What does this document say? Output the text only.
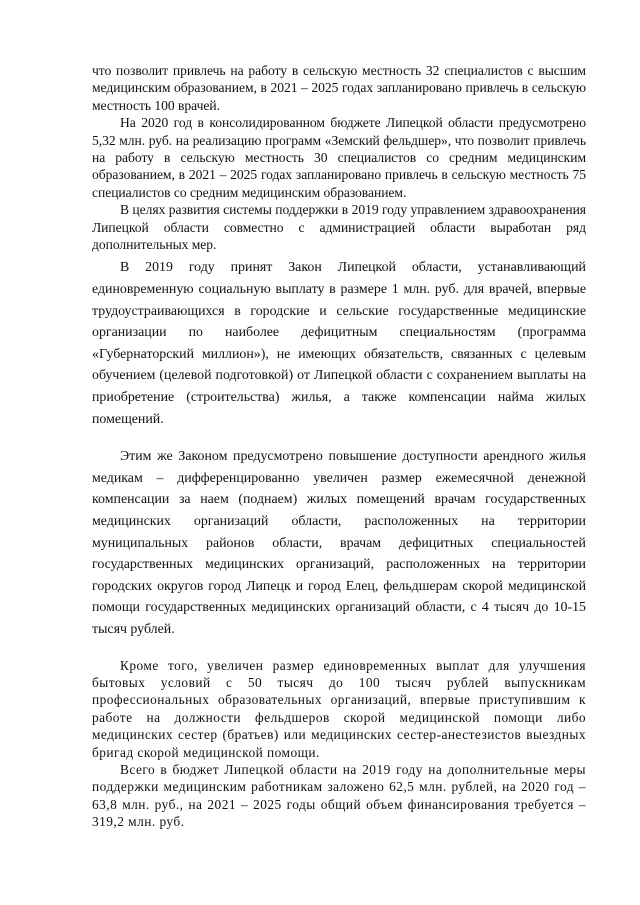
что позволит привлечь на работу в сельскую местность 32 специалистов с высшим медицинским образованием, в 2021 – 2025 годах запланировано привлечь в сельскую местность 100 врачей.

На 2020 год в консолидированном бюджете Липецкой области предусмотрено 5,32 млн. руб. на реализацию программ «Земский фельдшер», что позволит привлечь на работу в сельскую местность 30 специалистов со средним медицинским образованием, в 2021 – 2025 годах запланировано привлечь в сельскую местность 75 специалистов со средним медицинским образованием.

В целях развития системы поддержки в 2019 году управлением здравоохранения Липецкой области совместно с администрацией области выработан ряд дополнительных мер.

В 2019 году принят Закон Липецкой области, устанавливающий единовременную социальную выплату в размере 1 млн. руб. для врачей, впервые трудоустраивающихся в городские и сельские государственные медицинские организации по наиболее дефицитным специальностям (программа «Губернаторский миллион»), не имеющих обязательств, связанных с целевым обучением (целевой подготовкой) от Липецкой области с сохранением выплаты на приобретение (строительства) жилья, а также компенсации найма жилых помещений.

Этим же Законом предусмотрено повышение доступности арендного жилья медикам – дифференцированно увеличен размер ежемесячной денежной компенсации за наем (поднаем) жилых помещений врачам государственных медицинских организаций области, расположенных на территории муниципальных районов области, врачам дефицитных специальностей государственных медицинских организаций, расположенных на территории городских округов город Липецк и город Елец, фельдшерам скорой медицинской помощи государственных медицинских организаций области, с 4 тысяч до 10-15 тысяч рублей.

Кроме того, увеличен размер единовременных выплат для улучшения бытовых условий с 50 тысяч до 100 тысяч рублей выпускникам профессиональных образовательных организаций, впервые приступившим к работе на должности фельдшеров скорой медицинской помощи либо медицинских сестер (братьев) или медицинских сестер-анестезистов выездных бригад скорой медицинской помощи.

Всего в бюджет Липецкой области на 2019 году на дополнительные меры поддержки медицинским работникам заложено 62,5 млн. рублей, на 2020 год – 63,8 млн. руб., на 2021 – 2025 годы общий объем финансирования требуется – 319,2 млн. руб.
